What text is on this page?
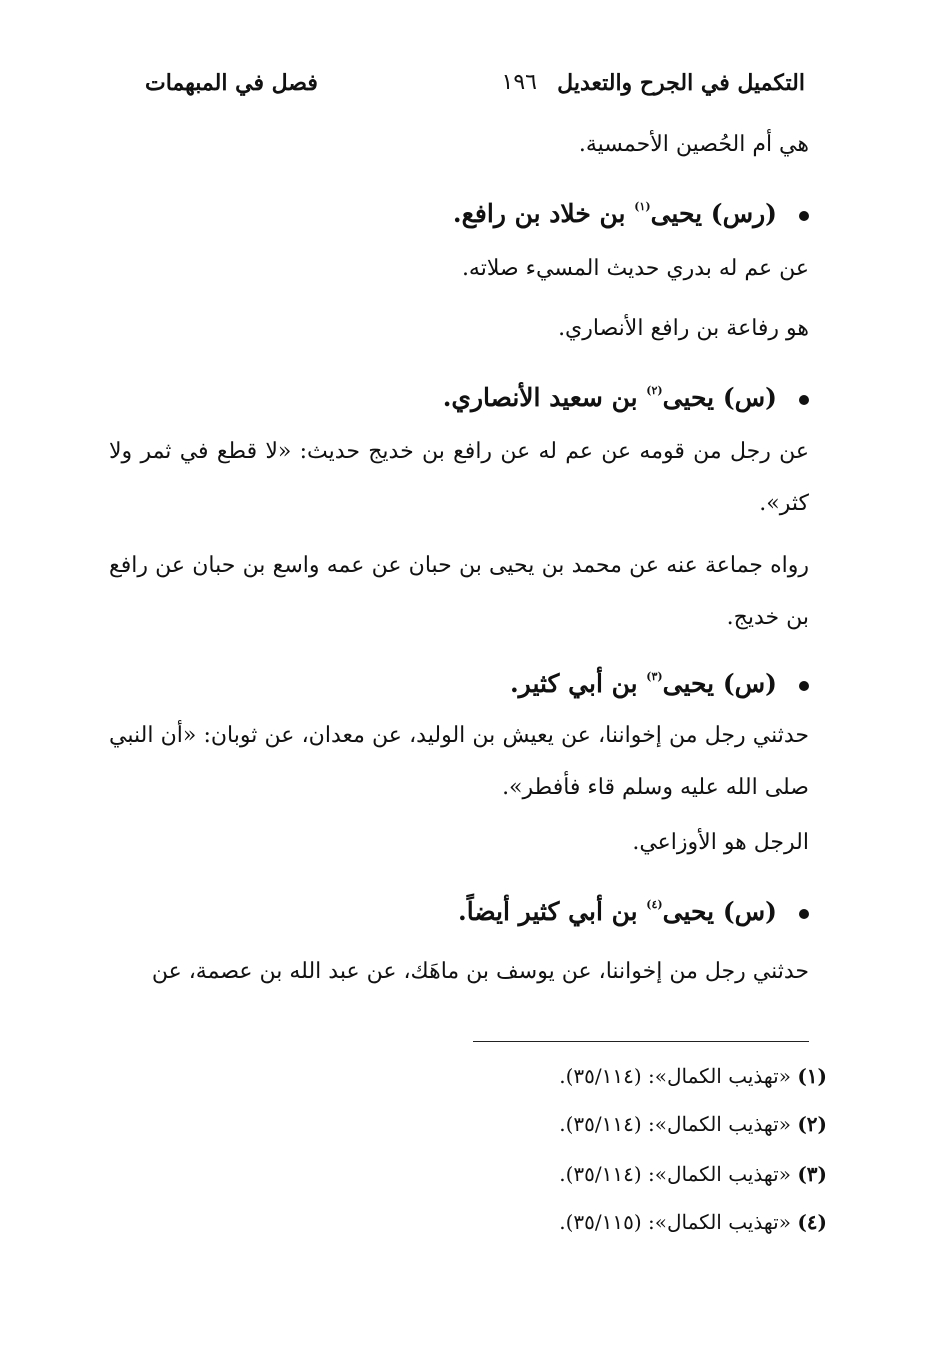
التكميل في الجرح والتعديل
١٩٦
فصل في المبهمات
هي أم الحُصين الأحمسية.
(رس) يحيى$^{(١)}$ بن خلاد بن رافع.
عن عم له بدري حديث المسيء صلاته.
هو رفاعة بن رافع الأنصاري.
(س) يحيى$^{(٢)}$ بن سعيد الأنصاري.
عن رجل من قومه عن عم له عن رافع بن خديج حديث: «لا قطع في ثمر ولا كثر».
رواه جماعة عنه عن محمد بن يحيى بن حبان عن عمه واسع بن حبان عن رافع بن خديج.
(س) يحيى$^{(٣)}$ بن أبي كثير.
حدثني رجل من إخواننا، عن يعيش بن الوليد، عن معدان، عن ثوبان: «أن النبي صلى الله عليه وسلم قاء فأفطر».
الرجل هو الأوزاعي.
(س) يحيى$^{(٤)}$ بن أبي كثير أيضاً.
حدثني رجل من إخواننا، عن يوسف بن ماهَك، عن عبد الله بن عصمة، عن
(١) «تهذيب الكمال»: (٣٥/١١٤).
(٢) «تهذيب الكمال»: (٣٥/١١٤).
(٣) «تهذيب الكمال»: (٣٥/١١٤).
(٤) «تهذيب الكمال»: (٣٥/١١٥).
